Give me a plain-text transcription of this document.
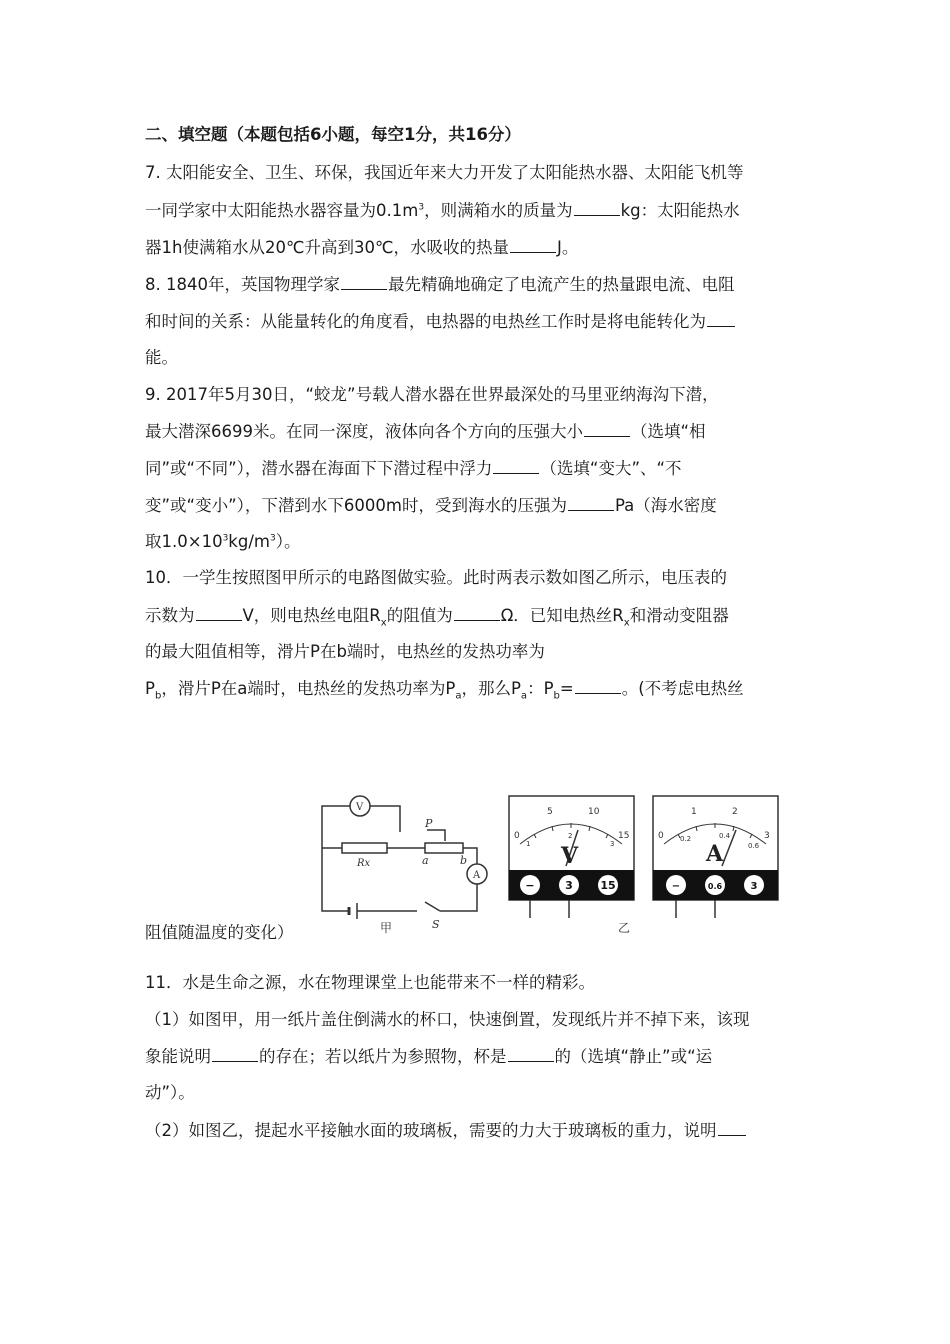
二、填空题（本题包括6小题，每空1分，共16分）
7. 太阳能安全、卫生、环保，我国近年来大力开发了太阳能热水器、太阳能飞机等
一同学家中太阳能热水器容量为$0.1m^3$，则满箱水的质量为	kg：太阳能热水
器1h使满箱水从20℃升高到30℃，水吸收的热量	J。
8. 1840年，英国物理学家	最先精确地确定了电流产生的热量跟电流、电阻
和时间的关系：从能量转化的角度看，电热器的电热丝工作时是将电能转化为
能。
9. 2017年5月30日，“蛟龙”号载人潜水器在世界最深处的马里亚纳海沟下潜，
最大潜深6699米。在同一深度，液体向各个方向的压强大小	（选填“相
同”或“不同”），潜水器在海面下下潜过程中浮力	（选填“变大”、“不
变”或“变小”），下潜到水下6000m时，受到海水的压强为	Pa（海水密度
取$1.0\times 10^3kg/m^3$）。
10．一学生按照图甲所示的电路图做实验。此时两表示数如图乙所示，电压表的
示数为	V，则电热丝电阻$R_x$的阻值为	Ω．已知电热丝$R_x$和滑动变阻器
的最大阻值相等，滑片P在b端时，电热丝的发热功率为
$P_b$，滑片P在a端时，电热丝的发热功率为$P_a$，那么$P_a$：$P_b=$	。(不考虑电热丝
阻值随温度的变化）
V
A
Rx
P
a	b
S
甲	乙
V
5	10
0	15
1
2
3
−	3	15
A
1	2
0	3
0.2	0.4
0.6
−	0.6	3
11．水是生命之源，水在物理课堂上也能带来不一样的精彩。
（1）如图甲，用一纸片盖住倒满水的杯口，快速倒置，发现纸片并不掉下来，该现
象能说明	的存在；若以纸片为参照物，杯是	的（选填“静止”或“运
动”）。
（2）如图乙，提起水平接触水面的玻璃板，需要的力大于玻璃板的重力，说明
